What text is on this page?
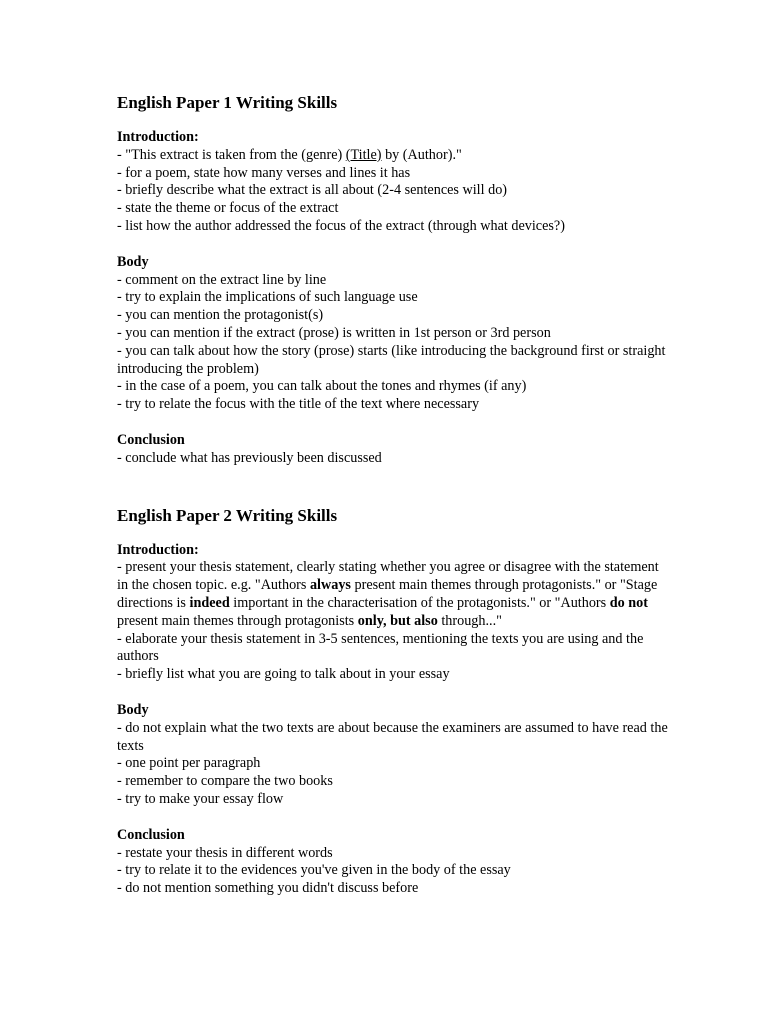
English Paper 1 Writing Skills

Introduction:

- "This extract is taken from the (genre) (Title) by (Author)."

- for a poem, state how many verses and lines it has

- briefly describe what the extract is all about (2-4 sentences will do)

- state the theme or focus of the extract

- list how the author addressed the focus of the extract (through what devices?)

Body

- comment on the extract line by line

- try to explain the implications of such language use

- you can mention the protagonist(s)

- you can mention if the extract (prose) is written in 1st person or 3rd person

- you can talk about how the story (prose) starts (like introducing the background first or straight introducing the problem)

- in the case of a poem, you can talk about the tones and rhymes (if any)

- try to relate the focus with the title of the text where necessary

Conclusion

- conclude what has previously been discussed

English Paper 2 Writing Skills

Introduction:

- present your thesis statement, clearly stating whether you agree or disagree with the statement in the chosen topic. e.g. "Authors always present main themes through protagonists." or "Stage directions is indeed important in the characterisation of the protagonists." or "Authors do not present main themes through protagonists only, but also through..."

- elaborate your thesis statement in 3-5 sentences, mentioning the texts you are using and the authors

- briefly list what you are going to talk about in your essay

Body

- do not explain what the two texts are about because the examiners are assumed to have read the texts

- one point per paragraph

- remember to compare the two books

- try to make your essay flow

Conclusion

- restate your thesis in different words

- try to relate it to the evidences you've given in the body of the essay

- do not mention something you didn't discuss before
